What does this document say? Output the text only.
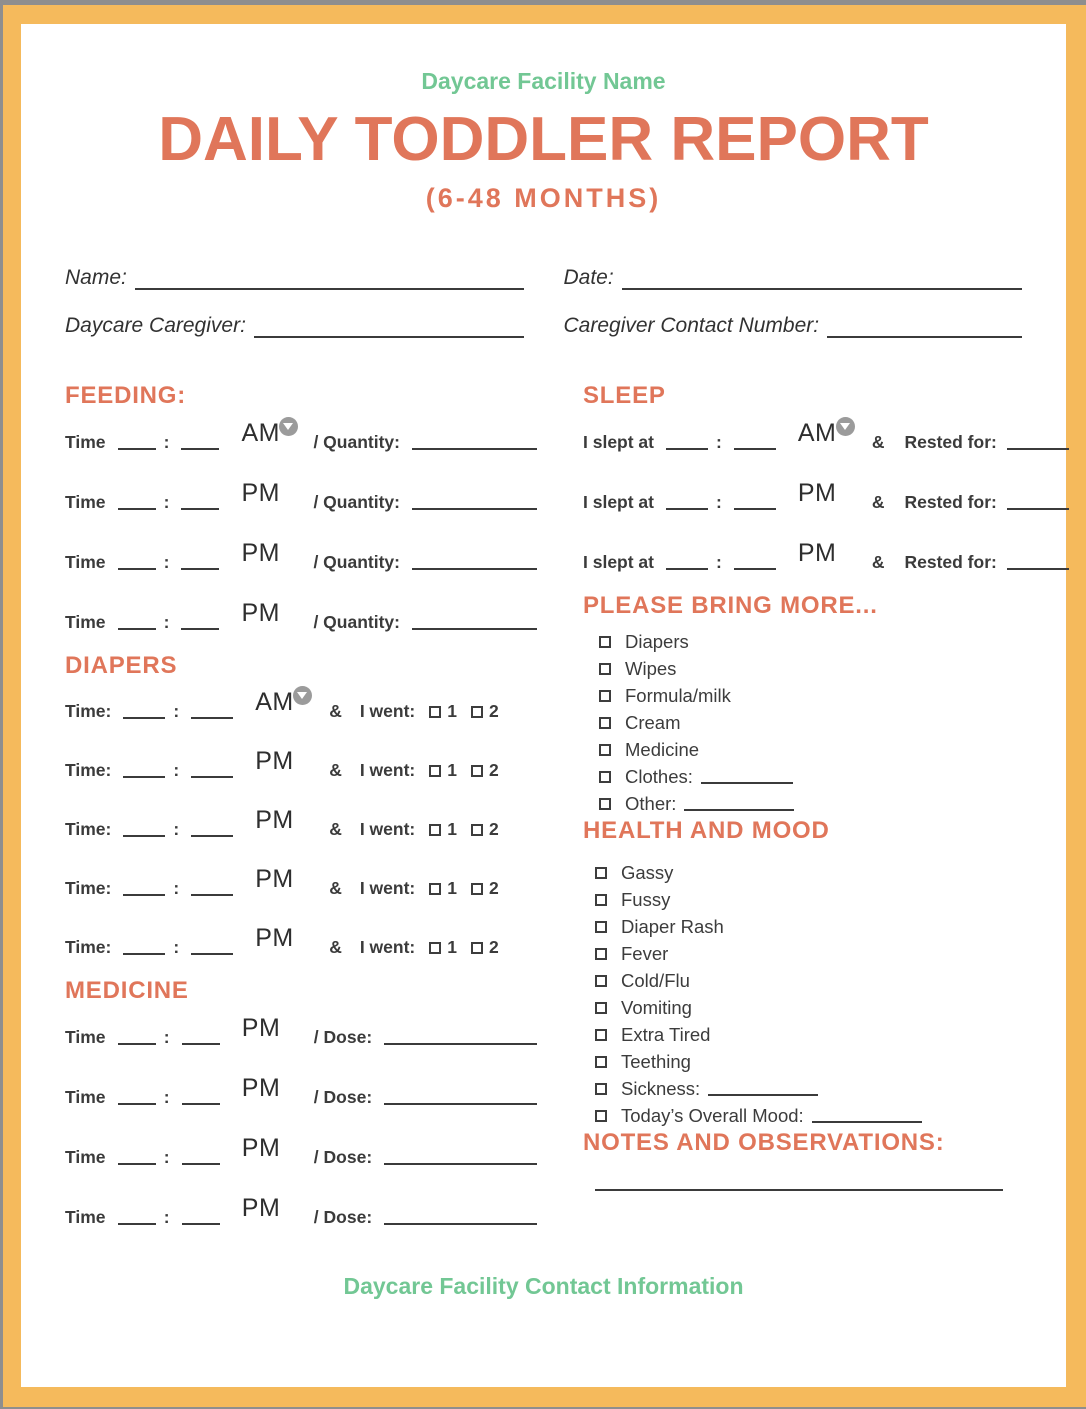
Daycare Facility Name
DAILY TODDLER REPORT
(6-48 MONTHS)
Name:	Date:
Daycare Caregiver:	Caregiver Contact Number:
FEEDING:
Time	:	AM	/ Quantity:
Time	:	PM	/ Quantity:
Time	:	PM	/ Quantity:
Time	:	PM	/ Quantity:
DIAPERS
Time:	:	AM	& I went: 1 2
Time:	:	PM	& I went: 1 2
Time:	:	PM	& I went: 1 2
Time:	:	PM	& I went: 1 2
Time:	:	PM	& I went: 1 2
MEDICINE
Time	:	PM	/ Dose:
Time	:	PM	/ Dose:
Time	:	PM	/ Dose:
Time	:	PM	/ Dose:
SLEEP
I slept at	:	AM	& Rested for:
I slept at	:	PM	& Rested for:
I slept at	:	PM	& Rested for:
PLEASE BRING MORE...
Diapers
Wipes
Formula/milk
Cream
Medicine
Clothes:
Other:
HEALTH AND MOOD
Gassy
Fussy
Diaper Rash
Fever
Cold/Flu
Vomiting
Extra Tired
Teething
Sickness:
Today’s Overall Mood:
NOTES AND OBSERVATIONS:
Daycare Facility Contact Information
